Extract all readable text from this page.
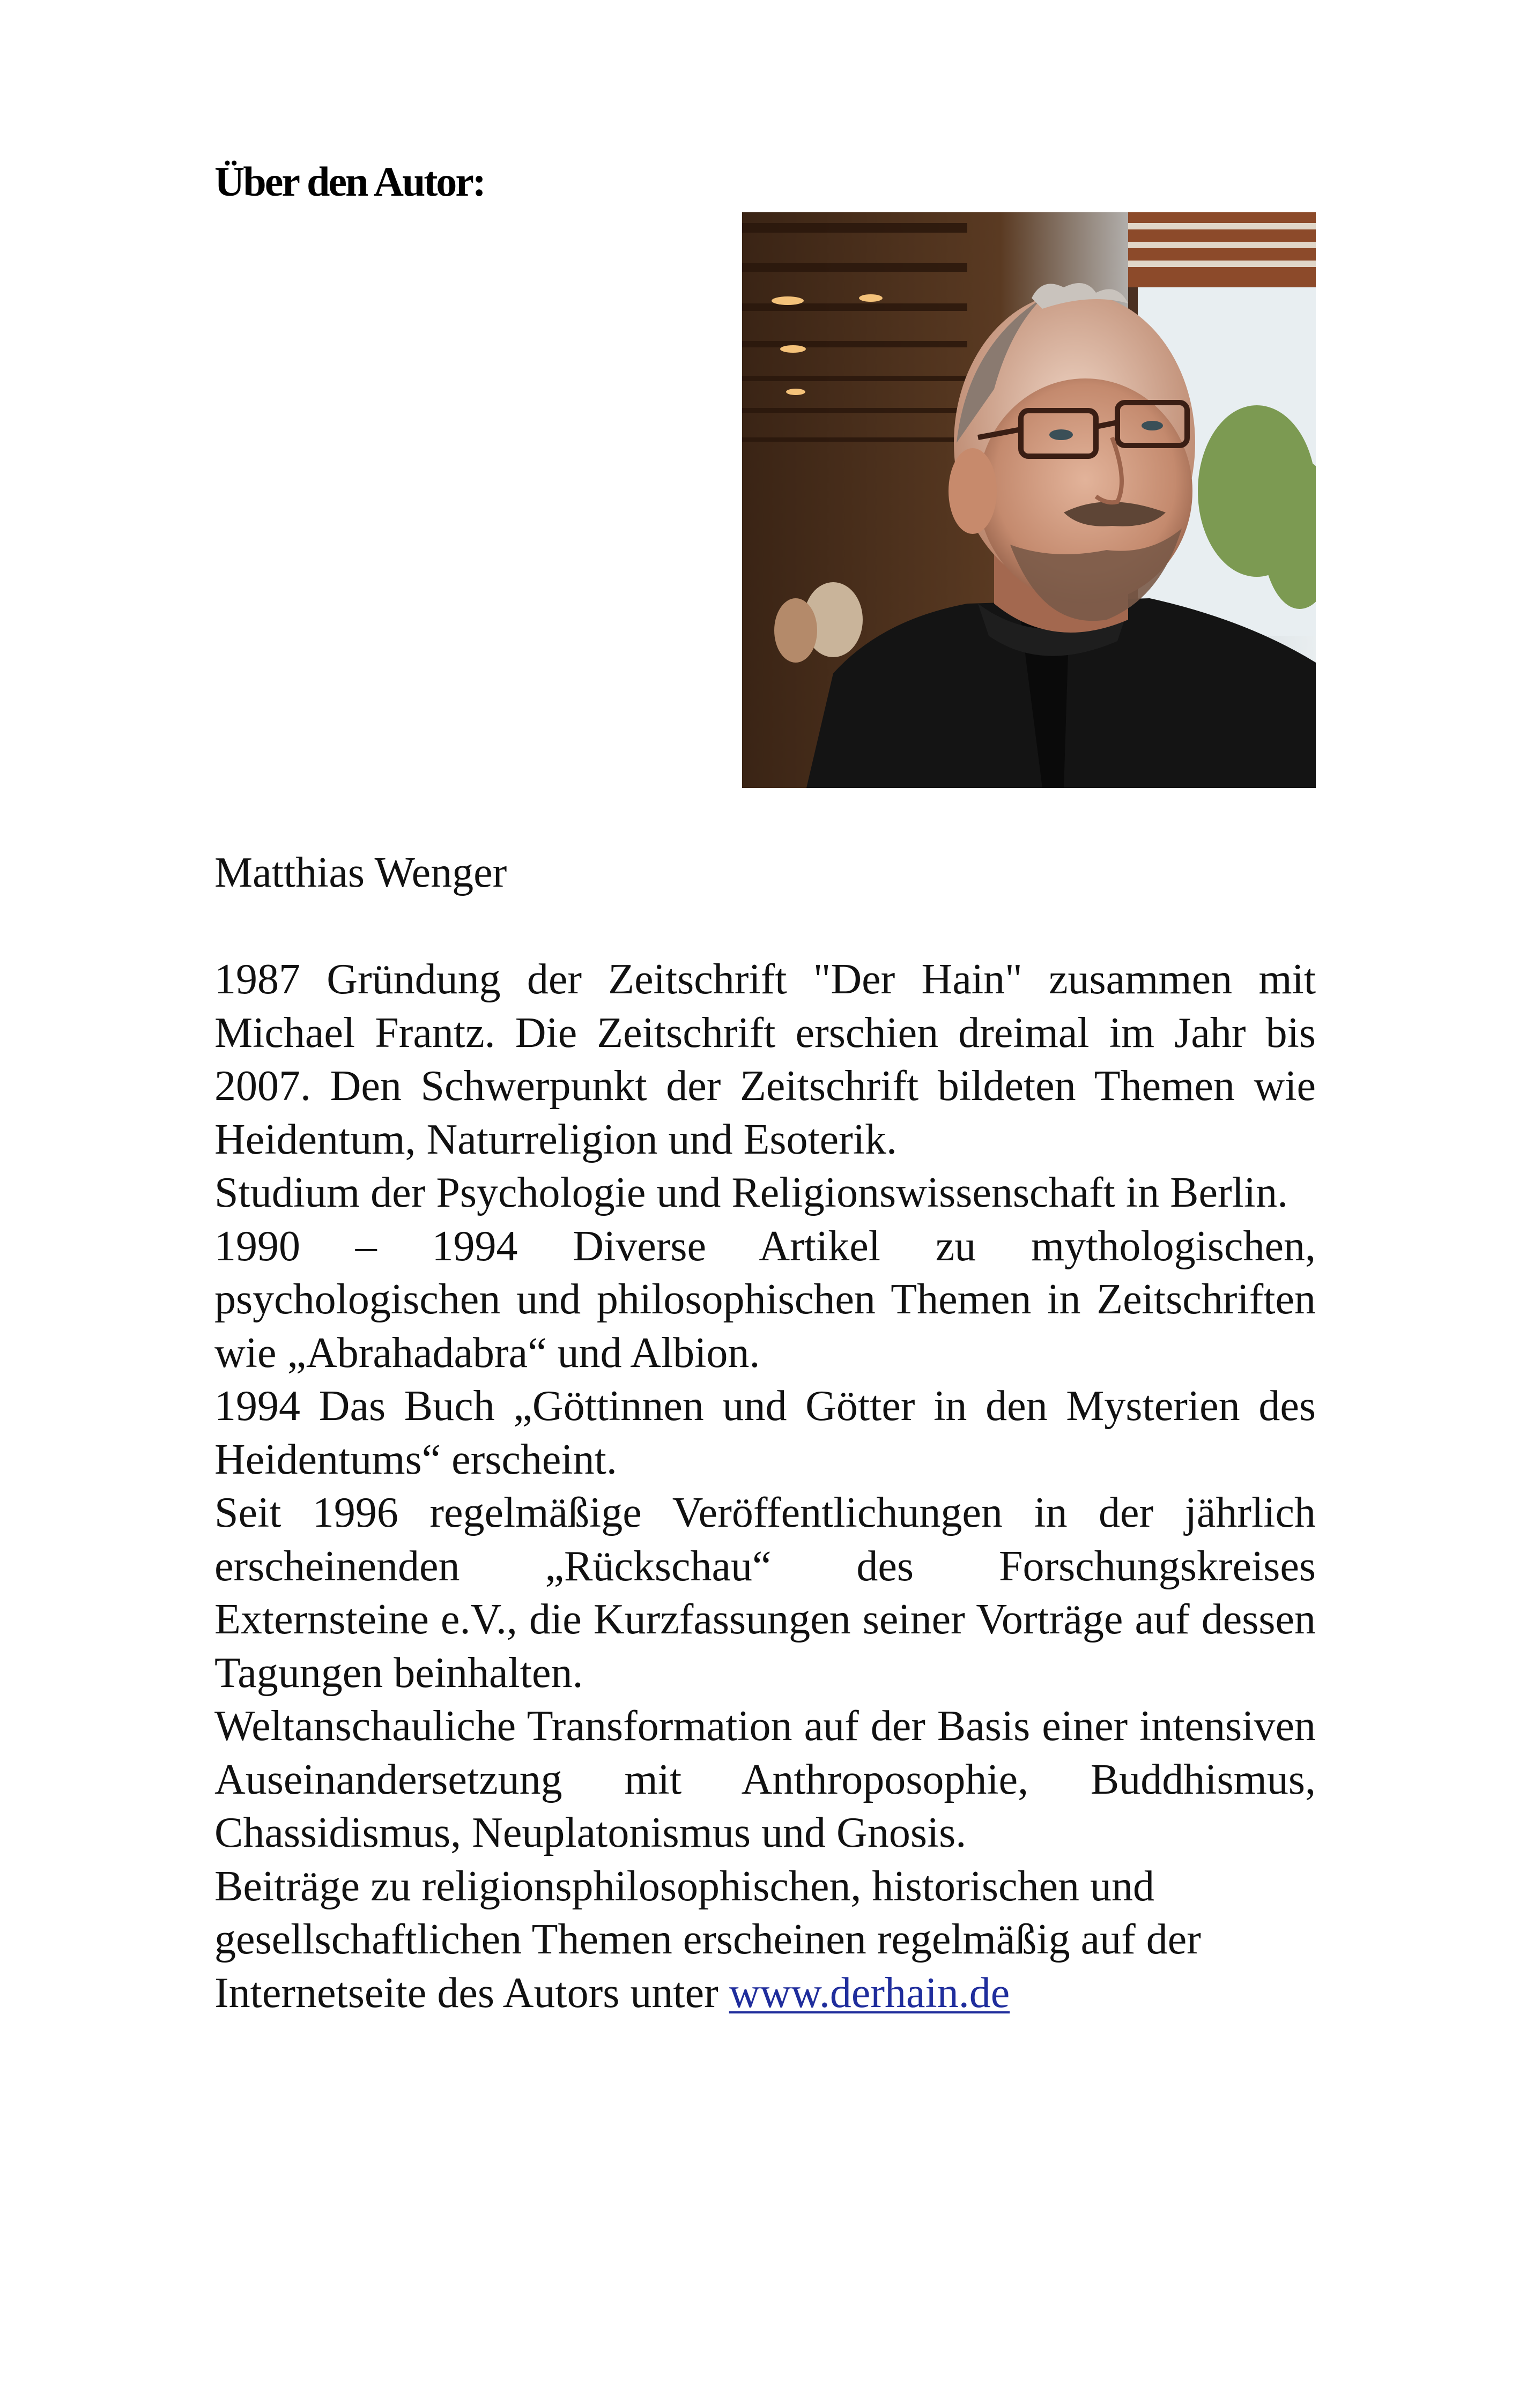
Über den Autor:

Matthias Wenger

1987 Gründung der Zeitschrift "Der Hain" zusammen mit Michael Frantz. Die Zeitschrift erschien dreimal im Jahr bis 2007. Den Schwerpunkt der Zeitschrift bildeten Themen wie Heidentum, Naturreligion und Esoterik.

Studium der Psychologie und Religionswissenschaft in Berlin.

1990 – 1994 Diverse Artikel zu mythologischen, psychologischen und philosophischen Themen in Zeitschriften wie „Abrahadabra“ und Albion.

1994 Das Buch „Göttinnen und Götter in den Mysterien des Heidentums“ erscheint.

Seit 1996 regelmäßige Veröffentlichungen in der jährlich erscheinenden „Rückschau“ des Forschungskreises Externsteine e.V., die Kurzfassungen seiner Vorträge auf dessen Tagungen beinhalten.

Weltanschauliche Transformation auf der Basis einer intensiven Auseinandersetzung mit Anthroposophie, Buddhismus, Chassidismus, Neuplatonismus und Gnosis.

Beiträge zu religionsphilosophischen, historischen und gesellschaftlichen Themen erscheinen regelmäßig auf der Internetseite des Autors unter www.derhain.de
